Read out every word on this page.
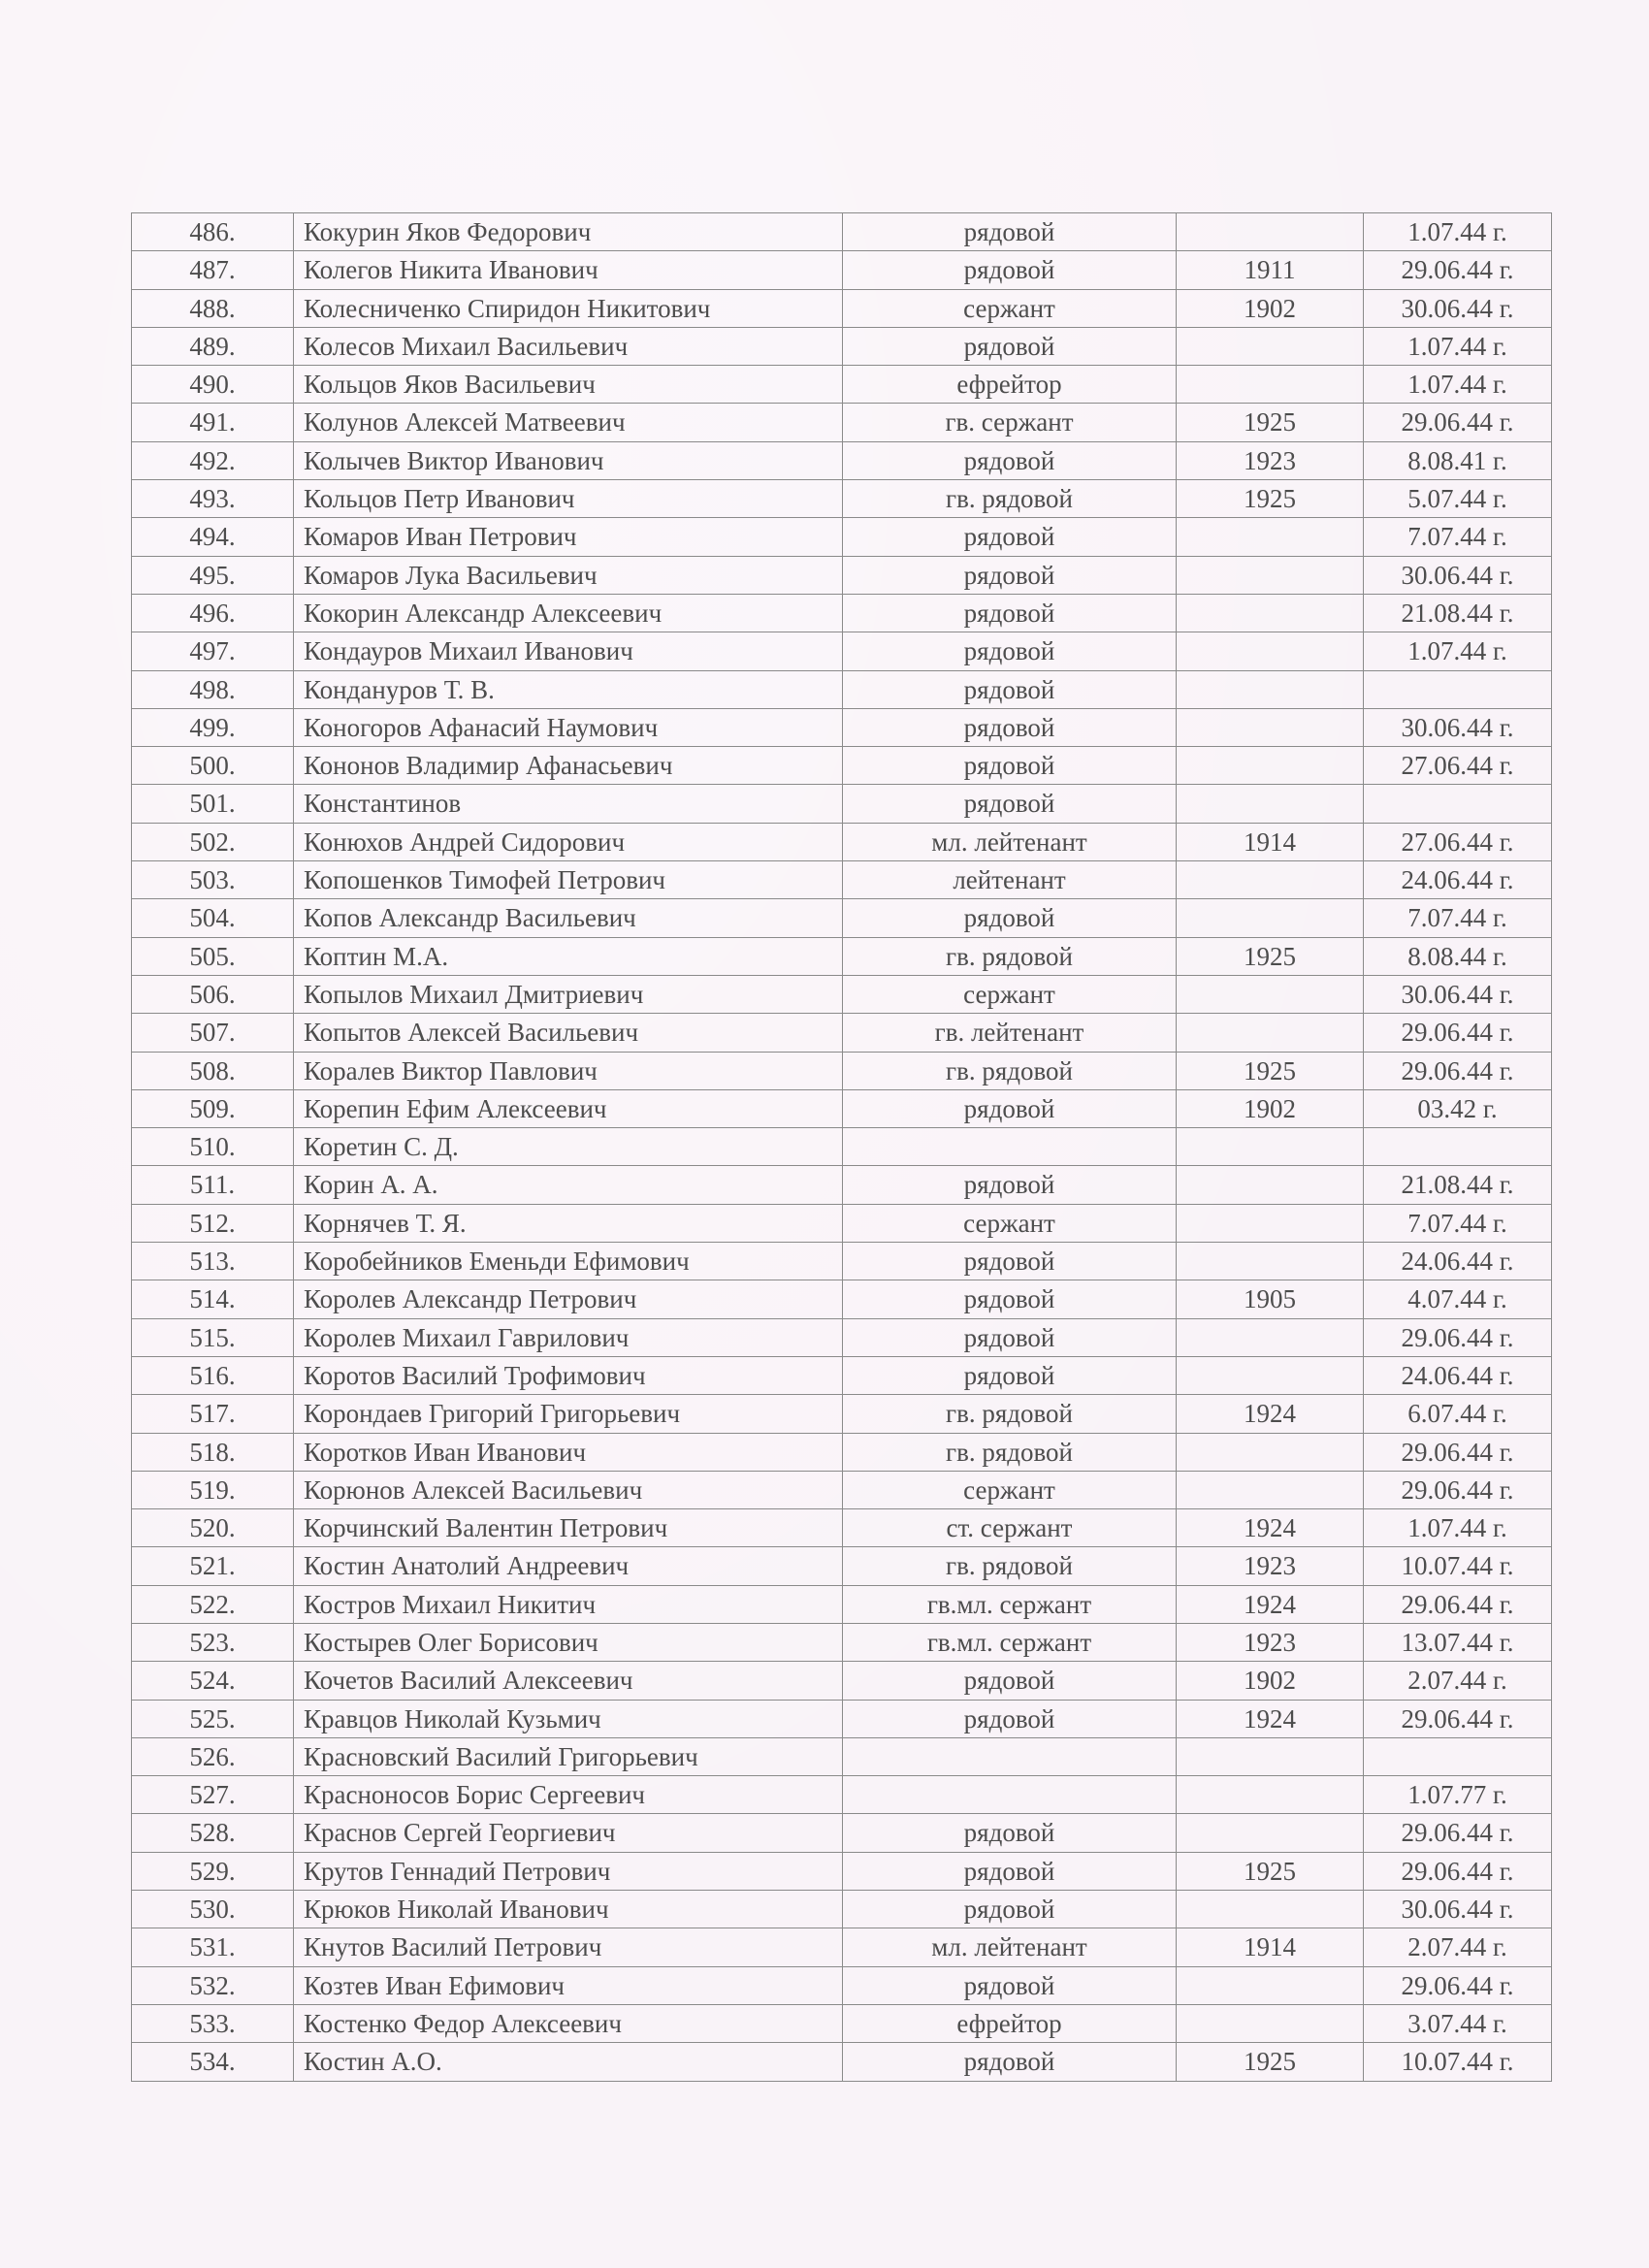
486.	Кокурин Яков Федорович	рядовой		1.07.44 г.
487.	Колегов Никита Иванович	рядовой	1911	29.06.44 г.
488.	Колесниченко Спиридон Никитович	сержант	1902	30.06.44 г.
489.	Колесов Михаил Васильевич	рядовой		1.07.44 г.
490.	Кольцов Яков Васильевич	ефрейтор		1.07.44 г.
491.	Колунов Алексей Матвеевич	гв. сержант	1925	29.06.44 г.
492.	Колычев Виктор Иванович	рядовой	1923	8.08.41 г.
493.	Кольцов Петр Иванович	гв. рядовой	1925	5.07.44 г.
494.	Комаров Иван Петрович	рядовой		7.07.44 г.
495.	Комаров Лука Васильевич	рядовой		30.06.44 г.
496.	Кокорин Александр Алексеевич	рядовой		21.08.44 г.
497.	Кондауров Михаил Иванович	рядовой		1.07.44 г.
498.	Кондануров Т. В.	рядовой		
499.	Коногоров Афанасий Наумович	рядовой		30.06.44 г.
500.	Кононов Владимир Афанасьевич	рядовой		27.06.44 г.
501.	Константинов	рядовой		
502.	Конюхов Андрей Сидорович	мл. лейтенант	1914	27.06.44 г.
503.	Копошенков Тимофей Петрович	лейтенант		24.06.44 г.
504.	Копов Александр Васильевич	рядовой		7.07.44 г.
505.	Коптин М.А.	гв. рядовой	1925	8.08.44 г.
506.	Копылов Михаил Дмитриевич	сержант		30.06.44 г.
507.	Копытов Алексей Васильевич	гв. лейтенант		29.06.44 г.
508.	Коралев Виктор Павлович	гв. рядовой	1925	29.06.44 г.
509.	Корепин Ефим Алексеевич	рядовой	1902	03.42 г.
510.	Коретин С. Д.			
511.	Корин А. А.	рядовой		21.08.44 г.
512.	Корнячев Т. Я.	сержант		7.07.44 г.
513.	Коробейников Еменьди Ефимович	рядовой		24.06.44 г.
514.	Королев Александр Петрович	рядовой	1905	4.07.44 г.
515.	Королев Михаил Гаврилович	рядовой		29.06.44 г.
516.	Коротов Василий Трофимович	рядовой		24.06.44 г.
517.	Корондаев Григорий Григорьевич	гв. рядовой	1924	6.07.44 г.
518.	Коротков Иван Иванович	гв. рядовой		29.06.44 г.
519.	Корюнов Алексей Васильевич	сержант		29.06.44 г.
520.	Корчинский Валентин Петрович	ст. сержант	1924	1.07.44 г.
521.	Костин Анатолий Андреевич	гв. рядовой	1923	10.07.44 г.
522.	Костров Михаил Никитич	гв.мл. сержант	1924	29.06.44 г.
523.	Костырев Олег Борисович	гв.мл. сержант	1923	13.07.44 г.
524.	Кочетов Василий Алексеевич	рядовой	1902	2.07.44 г.
525.	Кравцов Николай Кузьмич	рядовой	1924	29.06.44 г.
526.	Красновский Василий Григорьевич			
527.	Красноносов Борис Сергеевич			1.07.77 г.
528.	Краснов Сергей Георгиевич	рядовой		29.06.44 г.
529.	Крутов Геннадий Петрович	рядовой	1925	29.06.44 г.
530.	Крюков Николай Иванович	рядовой		30.06.44 г.
531.	Кнутов Василий Петрович	мл. лейтенант	1914	2.07.44 г.
532.	Козтев Иван Ефимович	рядовой		29.06.44 г.
533.	Костенко Федор Алексеевич	ефрейтор		3.07.44 г.
534.	Костин А.О.	рядовой	1925	10.07.44 г.
